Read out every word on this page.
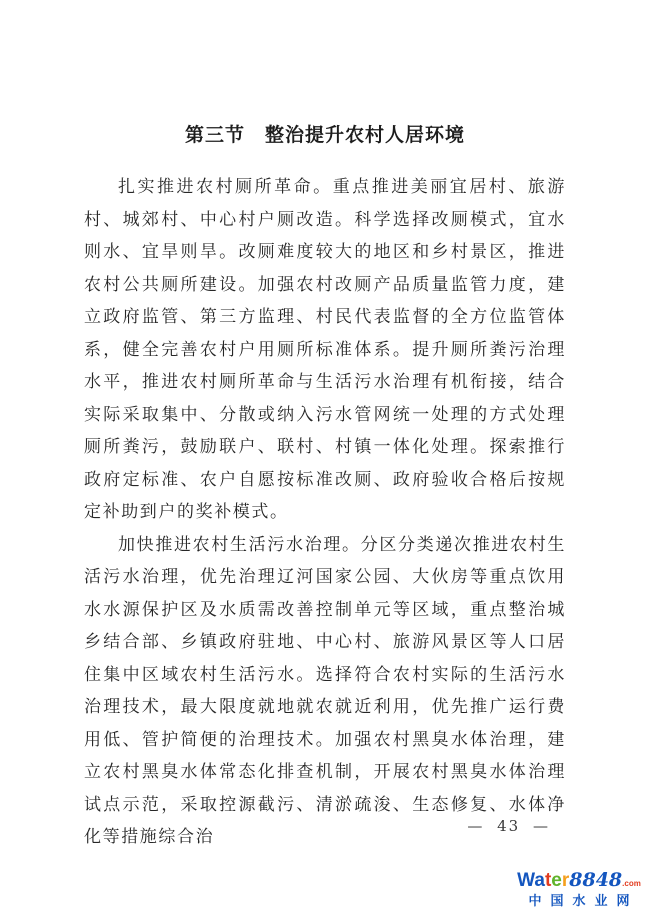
第三节　整治提升农村人居环境

扎实推进农村厕所革命。重点推进美丽宜居村、旅游村、城郊村、中心村户厕改造。科学选择改厕模式，宜水则水、宜旱则旱。改厕难度较大的地区和乡村景区，推进农村公共厕所建设。加强农村改厕产品质量监管力度，建立政府监管、第三方监理、村民代表监督的全方位监管体系，健全完善农村户用厕所标准体系。提升厕所粪污治理水平，推进农村厕所革命与生活污水治理有机衔接，结合实际采取集中、分散或纳入污水管网统一处理的方式处理厕所粪污，鼓励联户、联村、村镇一体化处理。探索推行政府定标准、农户自愿按标准改厕、政府验收合格后按规定补助到户的奖补模式。

加快推进农村生活污水治理。分区分类递次推进农村生活污水治理，优先治理辽河国家公园、大伙房等重点饮用水水源保护区及水质需改善控制单元等区域，重点整治城乡结合部、乡镇政府驻地、中心村、旅游风景区等人口居住集中区域农村生活污水。选择符合农村实际的生活污水治理技术，最大限度就地就农就近利用，优先推广运行费用低、管护简便的治理技术。加强农村黑臭水体治理，建立农村黑臭水体常态化排查机制，开展农村黑臭水体治理试点示范，采取控源截污、清淤疏浚、生态修复、水体净化等措施综合治

— 43 —
Water8848.com
中国水业网
